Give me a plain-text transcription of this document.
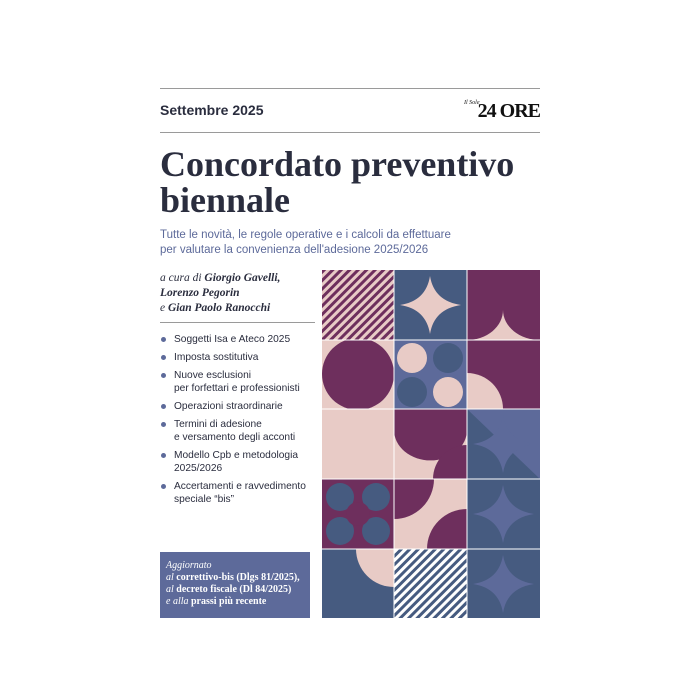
Settembre 2025	Il Sole
24 ORE
Concordato preventivo
biennale
Tutte le novità, le regole operative e i calcoli da effettuare
per valutare la convenienza dell'adesione 2025/2026
a cura di Giorgio Gavelli,
Lorenzo Pegorin
e Gian Paolo Ranocchi
Soggetti Isa e Ateco 2025
Imposta sostitutiva
Nuove esclusioni
per forfettari e professionisti
Operazioni straordinarie
Termini di adesione
e versamento degli acconti
Modello Cpb e metodologia
2025/2026
Accertamenti e ravvedimento
speciale “bis”
Aggiornato
al correttivo-bis (Dlgs 81/2025),
al decreto fiscale (Dl 84/2025)
e alla prassi più recente
